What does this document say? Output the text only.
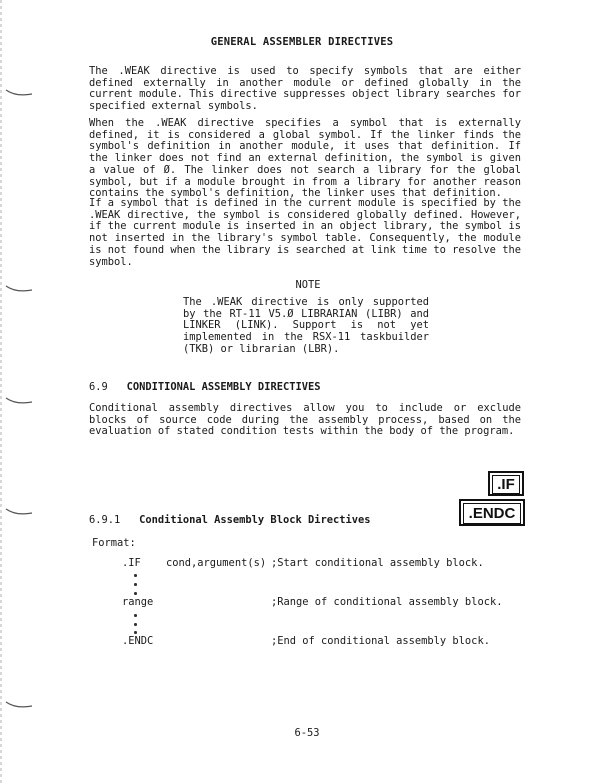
GENERAL ASSEMBLER DIRECTIVES
The .WEAK directive is used to specify symbols that are either defined externally in another module or defined globally in the current module. This directive suppresses object library searches for specified external symbols.
When the .WEAK directive specifies a symbol that is externally defined, it is considered a global symbol. If the linker finds the symbol's definition in another module, it uses that definition. If the linker does not find an external definition, the symbol is given a value of Ø. The linker does not search a library for the global symbol, but if a module brought in from a library for another reason contains the symbol's definition, the linker uses that definition.
If a symbol that is defined in the current module is specified by the .WEAK directive, the symbol is considered globally defined. However, if the current module is inserted in an object library, the symbol is not inserted in the library's symbol table. Consequently, the module is not found when the library is searched at link time to resolve the symbol.
NOTE
The .WEAK directive is only supported by the RT-11 V5.Ø LIBRARIAN (LIBR) and LINKER (LINK). Support is not yet implemented in the RSX-11 taskbuilder (TKB) or librarian (LBR).
6.9 CONDITIONAL ASSEMBLY DIRECTIVES
Conditional assembly directives allow you to include or exclude blocks of source code during the assembly process, based on the evaluation of stated condition tests within the body of the program.
.IF
.ENDC
6.9.1 Conditional Assembly Block Directives
Format:
.IF cond,argument(s) ;Start conditional assembly block.
range	;Range of conditional assembly block.
.ENDC	;End of conditional assembly block.
6-53
